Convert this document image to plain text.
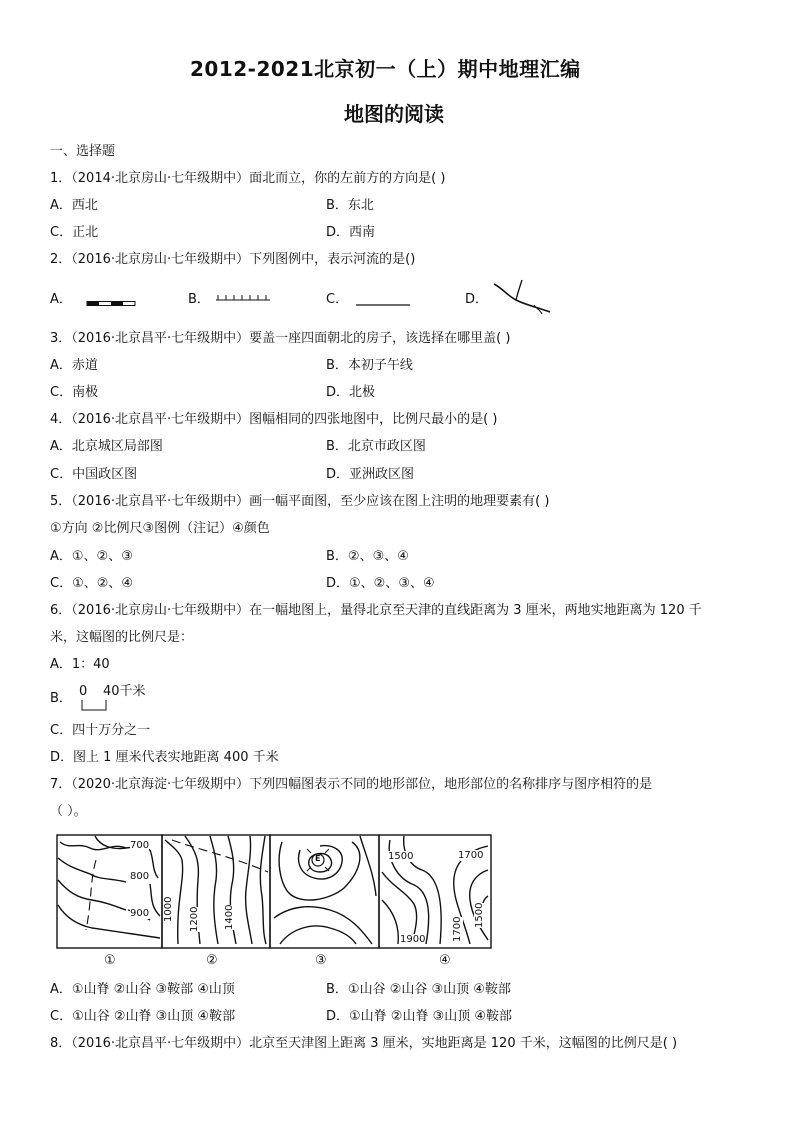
2012-2021北京初一（上）期中地理汇编
地图的阅读
一、选择题
1．（2014·北京房山·七年级期中）面北而立，你的左前方的方向是( )
A．西北	B．东北
C．正北	D．西南
2．（2016·北京房山·七年级期中）下列图例中，表示河流的是()
A．	B．	C．	D．
3．（2016·北京昌平·七年级期中）要盖一座四面朝北的房子，该选择在哪里盖( )
A．赤道	B．本初子午线
C．南极	D．北极
4．（2016·北京昌平·七年级期中）图幅相同的四张地图中，比例尺最小的是( )
A．北京城区局部图	B．北京市政区图
C．中国政区图	D．亚洲政区图
5．（2016·北京昌平·七年级期中）画一幅平面图，至少应该在图上注明的地理要素有( )
①方向 ②比例尺③图例（注记）④颜色
A．①、②、③	B．②、③、④
C．①、②、④	D．①、②、③、④
6．（2016·北京房山·七年级期中）在一幅地图上，量得北京至天津的直线距离为 3 厘米，两地实地距离为 120 千
米，这幅图的比例尺是：
A．1：40
B． 0 40千米
C．四十万分之一
D．图上 1 厘米代表实地距离 400 千米
7．（2020·北京海淀·七年级期中）下列四幅图表示不同的地形部位，地形部位的名称排序与图序相符的是
（ ）。
700
800
900 1000 1200 1400
E	1500	1700
1700
1500
1900
①	②	③	④
A．①山脊 ②山谷 ③鞍部 ④山顶	B．①山谷 ②山谷 ③山顶 ④鞍部
C．①山谷 ②山脊 ③山顶 ④鞍部	D．①山脊 ②山脊 ③山顶 ④鞍部
8．（2016·北京昌平·七年级期中）北京至天津图上距离 3 厘米，实地距离是 120 千米，这幅图的比例尺是( )
